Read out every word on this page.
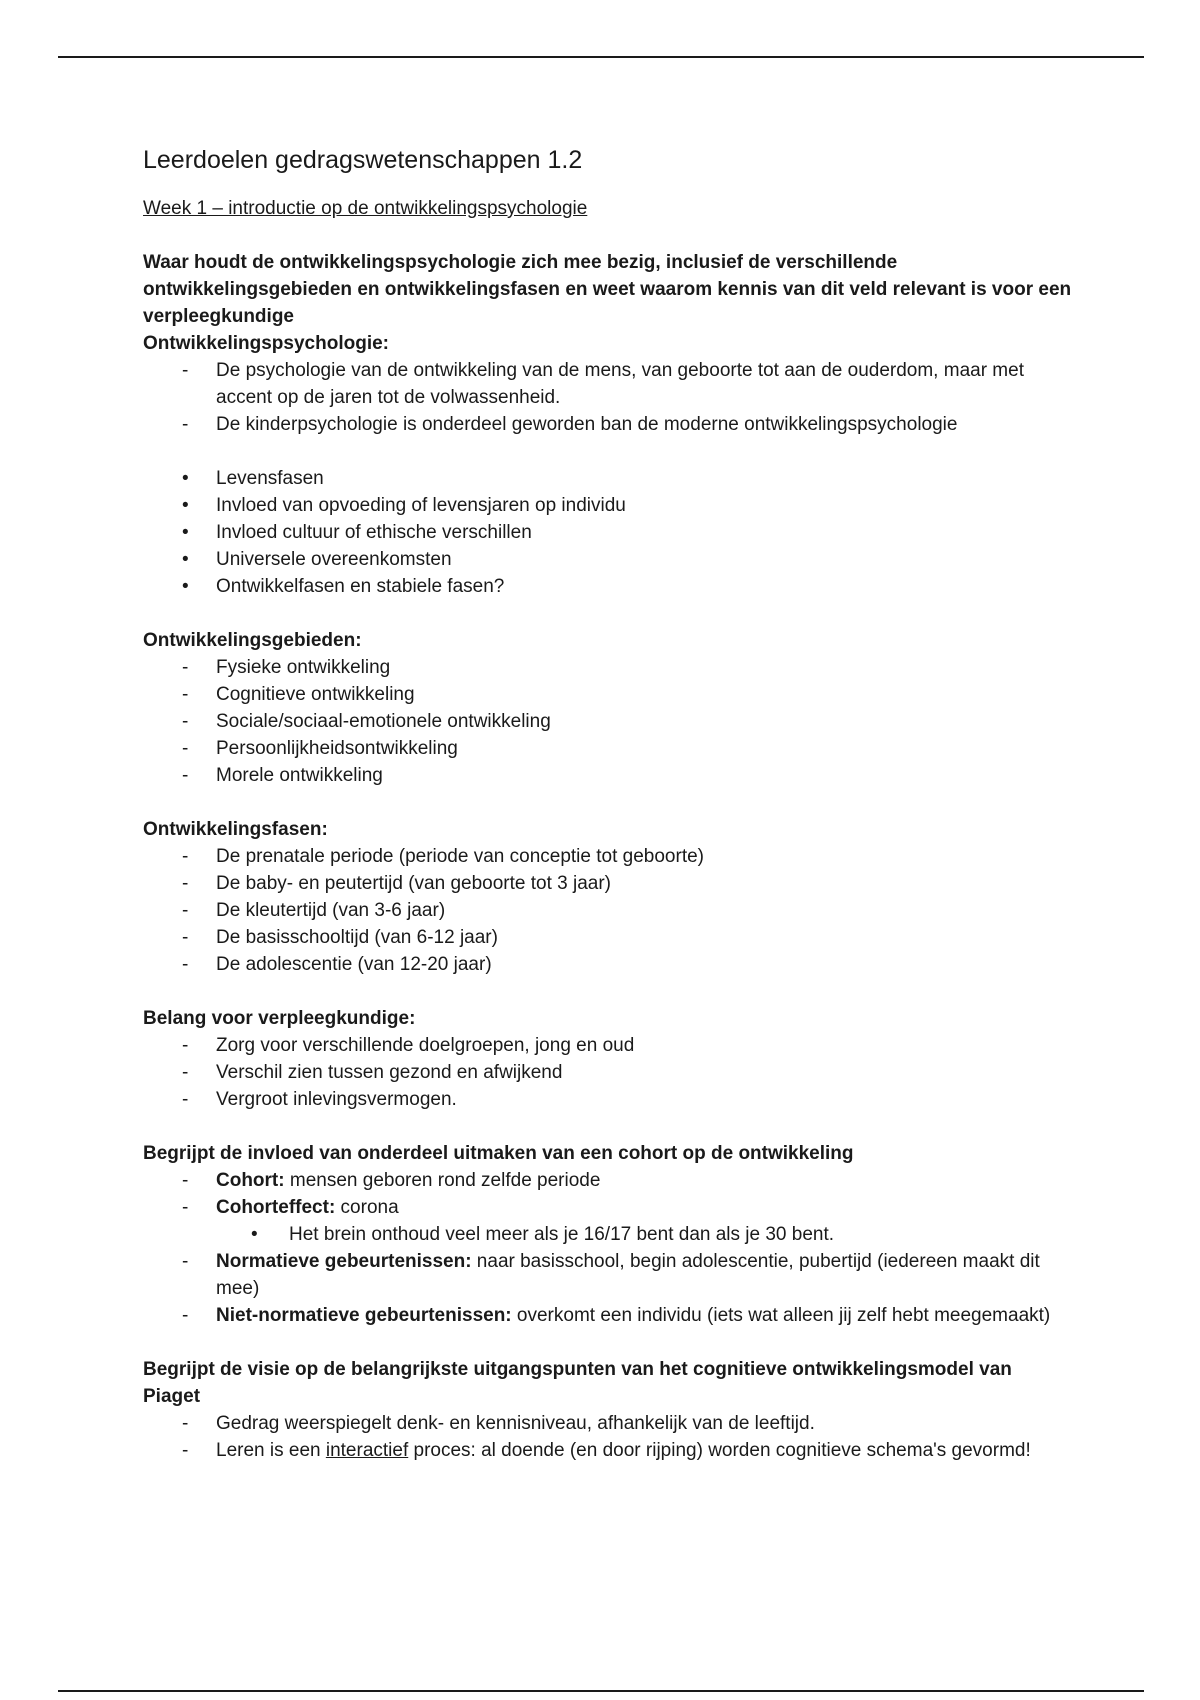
Leerdoelen gedragswetenschappen 1.2
Week 1 – introductie op de ontwikkelingspsychologie
Waar houdt de ontwikkelingspsychologie zich mee bezig, inclusief de verschillende ontwikkelingsgebieden en ontwikkelingsfasen en weet waarom kennis van dit veld relevant is voor een verpleegkundige
Ontwikkelingspsychologie:
- De psychologie van de ontwikkeling van de mens, van geboorte tot aan de ouderdom, maar met accent op de jaren tot de volwassenheid.
- De kinderpsychologie is onderdeel geworden ban de moderne ontwikkelingspsychologie
• Levensfasen
• Invloed van opvoeding of levensjaren op individu
• Invloed cultuur of ethische verschillen
• Universele overeenkomsten
• Ontwikkelfasen en stabiele fasen?
Ontwikkelingsgebieden:
- Fysieke ontwikkeling
- Cognitieve ontwikkeling
- Sociale/sociaal-emotionele ontwikkeling
- Persoonlijkheidsontwikkeling
- Morele ontwikkeling
Ontwikkelingsfasen:
- De prenatale periode (periode van conceptie tot geboorte)
- De baby- en peutertijd (van geboorte tot 3 jaar)
- De kleutertijd (van 3-6 jaar)
- De basisschooltijd (van 6-12 jaar)
- De adolescentie (van 12-20 jaar)
Belang voor verpleegkundige:
- Zorg voor verschillende doelgroepen, jong en oud
- Verschil zien tussen gezond en afwijkend
- Vergroot inlevingsvermogen.
Begrijpt de invloed van onderdeel uitmaken van een cohort op de ontwikkeling
- Cohort: mensen geboren rond zelfde periode
- Cohorteffect: corona
• Het brein onthoud veel meer als je 16/17 bent dan als je 30 bent.
- Normatieve gebeurtenissen: naar basisschool, begin adolescentie, pubertijd (iedereen maakt dit mee)
- Niet-normatieve gebeurtenissen: overkomt een individu (iets wat alleen jij zelf hebt meegemaakt)
Begrijpt de visie op de belangrijkste uitgangspunten van het cognitieve ontwikkelingsmodel van Piaget
- Gedrag weerspiegelt denk- en kennisniveau, afhankelijk van de leeftijd.
- Leren is een interactief proces: al doende (en door rijping) worden cognitieve schema's gevormd!
